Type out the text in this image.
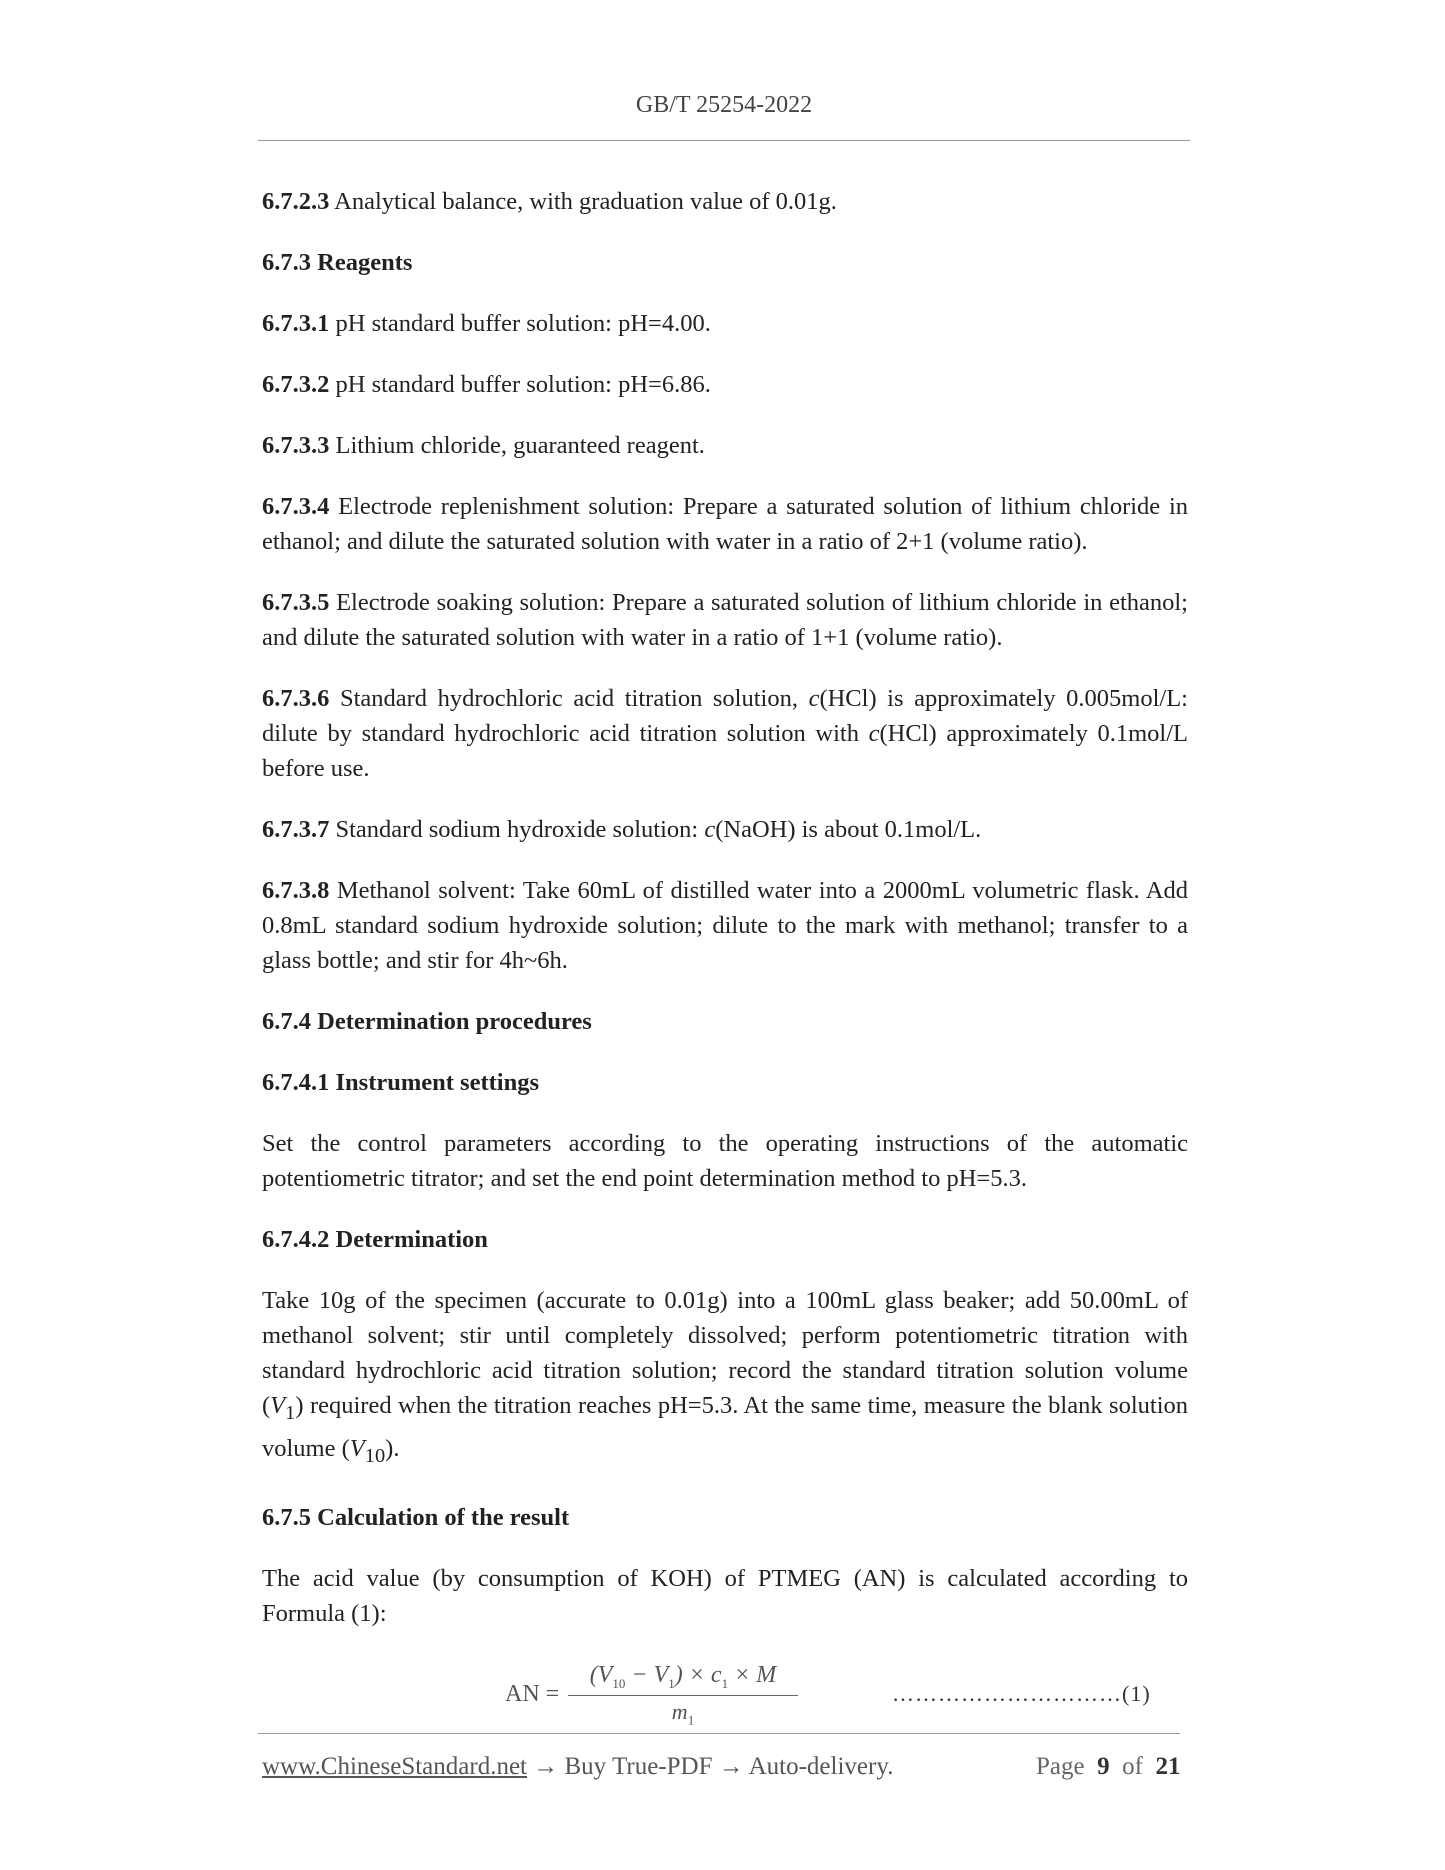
GB/T 25254-2022

6.7.2.3 Analytical balance, with graduation value of 0.01g.

6.7.3 Reagents

6.7.3.1 pH standard buffer solution: pH=4.00.

6.7.3.2 pH standard buffer solution: pH=6.86.

6.7.3.3 Lithium chloride, guaranteed reagent.

6.7.3.4 Electrode replenishment solution: Prepare a saturated solution of lithium chloride in ethanol; and dilute the saturated solution with water in a ratio of 2+1 (volume ratio).

6.7.3.5 Electrode soaking solution: Prepare a saturated solution of lithium chloride in ethanol; and dilute the saturated solution with water in a ratio of 1+1 (volume ratio).

6.7.3.6 Standard hydrochloric acid titration solution, c(HCl) is approximately 0.005mol/L: dilute by standard hydrochloric acid titration solution with c(HCl) approximately 0.1mol/L before use.

6.7.3.7 Standard sodium hydroxide solution: c(NaOH) is about 0.1mol/L.

6.7.3.8 Methanol solvent: Take 60mL of distilled water into a 2000mL volumetric flask. Add 0.8mL standard sodium hydroxide solution; dilute to the mark with methanol; transfer to a glass bottle; and stir for 4h~6h.

6.7.4 Determination procedures

6.7.4.1 Instrument settings

Set the control parameters according to the operating instructions of the automatic potentiometric titrator; and set the end point determination method to pH=5.3.

6.7.4.2 Determination

Take 10g of the specimen (accurate to 0.01g) into a 100mL glass beaker; add 50.00mL of methanol solvent; stir until completely dissolved; perform potentiometric titration with standard hydrochloric acid titration solution; record the standard titration solution volume $(V_1)$ required when the titration reaches pH=5.3. At the same time, measure the blank solution volume $(V_{10})$.

6.7.5 Calculation of the result

The acid value (by consumption of KOH) of PTMEG (AN) is calculated according to Formula (1):

AN =
$(V_{10} - V_1) \times c_1 \times M$
$m_1$
…………………………(1)
www.ChineseStandard.net → Buy True-PDF → Auto-delivery.	Page 9 of 21
